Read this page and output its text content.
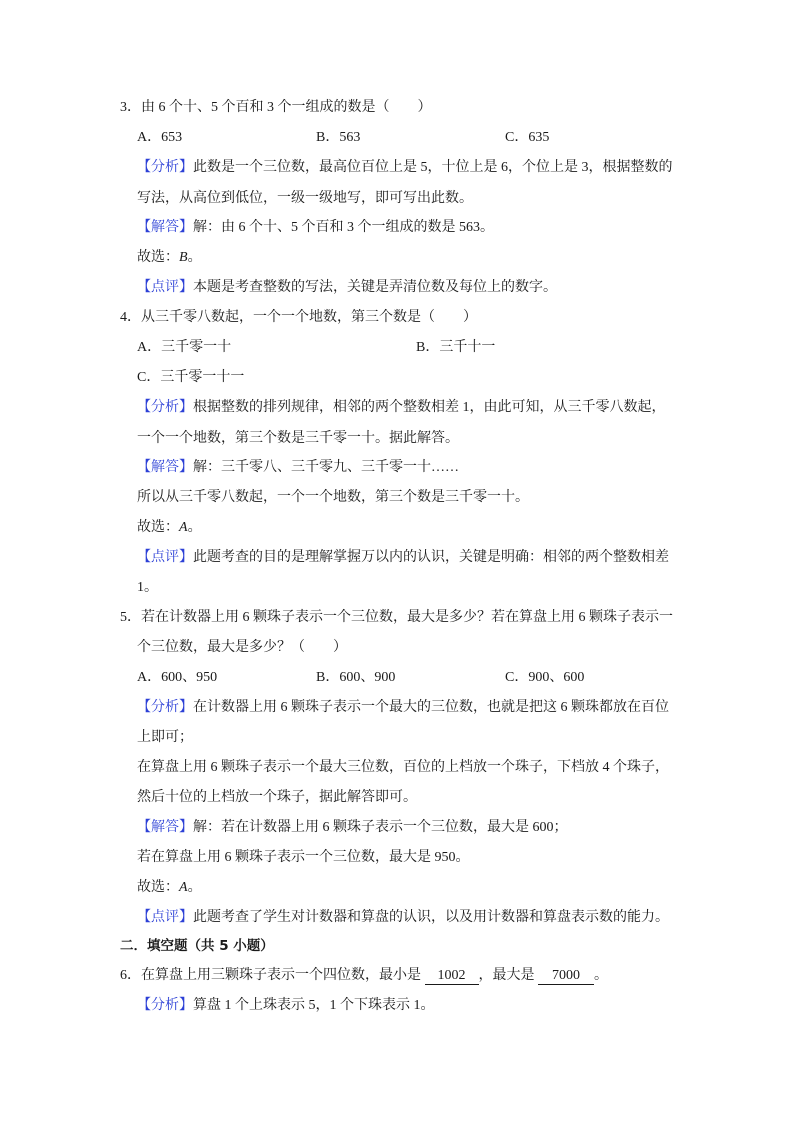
3．由 6 个十、5 个百和 3 个一组成的数是（　　）
A．653	B．563	C．635
【分析】此数是一个三位数，最高位百位上是 5，十位上是 6，个位上是 3，根据整数的
写法，从高位到低位，一级一级地写，即可写出此数。
【解答】解：由 6 个十、5 个百和 3 个一组成的数是 563。
故选：B。
【点评】本题是考查整数的写法，关键是弄清位数及每位上的数字。
4．从三千零八数起，一个一个地数，第三个数是（　　）
A．三千零一十	B．三千十一
C．三千零一十一
【分析】根据整数的排列规律，相邻的两个整数相差 1，由此可知，从三千零八数起，
一个一个地数，第三个数是三千零一十。据此解答。
【解答】解：三千零八、三千零九、三千零一十……
所以从三千零八数起，一个一个地数，第三个数是三千零一十。
故选：A。
【点评】此题考查的目的是理解掌握万以内的认识，关键是明确：相邻的两个整数相差
1。
5．若在计数器上用 6 颗珠子表示一个三位数，最大是多少？若在算盘上用 6 颗珠子表示一
个三位数，最大是多少？（　　）
A．600、950	B．600、900	C．900、600
【分析】在计数器上用 6 颗珠子表示一个最大的三位数，也就是把这 6 颗珠都放在百位
上即可；
在算盘上用 6 颗珠子表示一个最大三位数，百位的上档放一个珠子，下档放 4 个珠子，
然后十位的上档放一个珠子，据此解答即可。
【解答】解：若在计数器上用 6 颗珠子表示一个三位数，最大是 600；
若在算盘上用 6 颗珠子表示一个三位数，最大是 950。
故选：A。
【点评】此题考查了学生对计数器和算盘的认识，以及用计数器和算盘表示数的能力。
二．填空题（共 5 小题）
6．在算盘上用三颗珠子表示一个四位数，最小是 1002 ，最大是 7000 。
【分析】算盘 1 个上珠表示 5，1 个下珠表示 1。
